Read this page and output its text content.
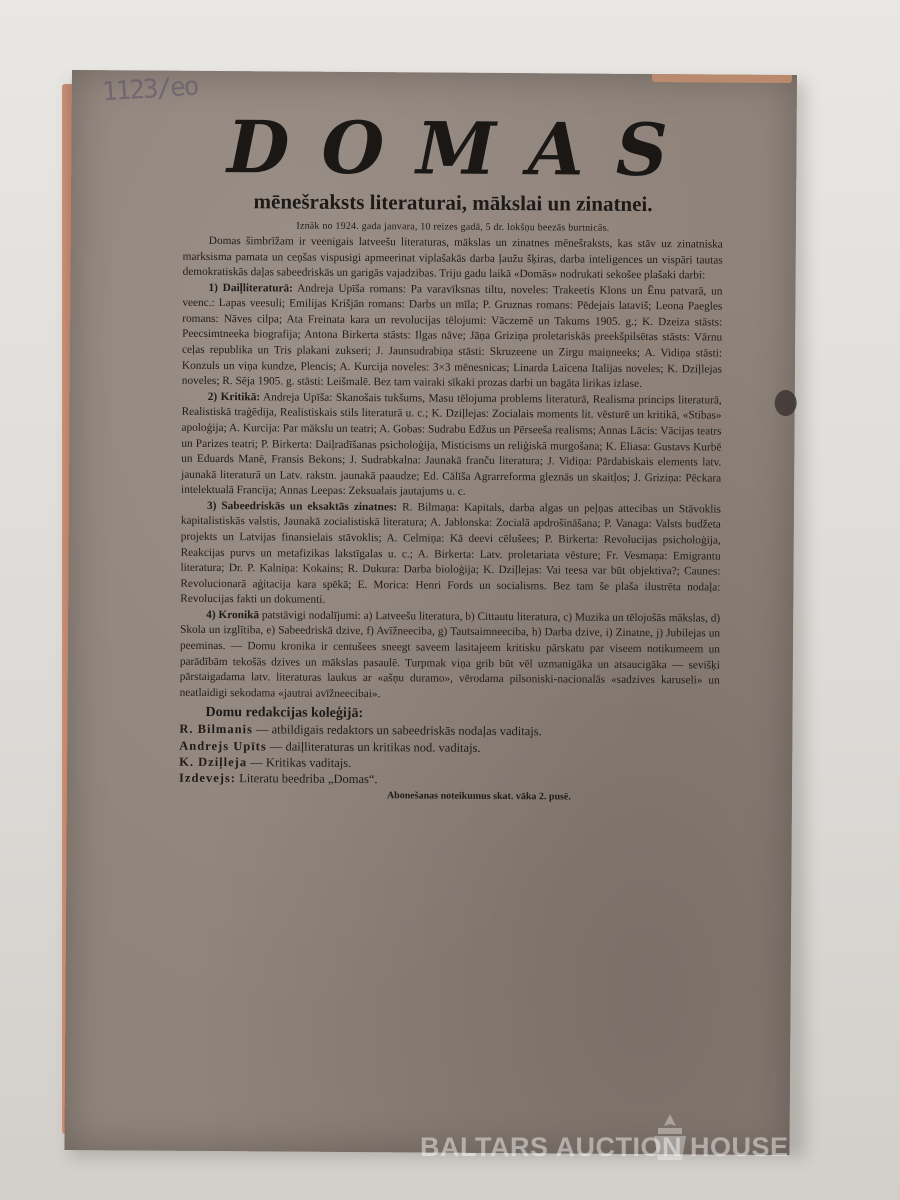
1123/eo
DOMAS
mēnešraksts literaturai, mākslai un zinatnei.
Iznāk no 1924. gada janvara, 10 reizes gadā, 5 dr. lokšņu beezās burtnicās.

Domas šimbrīžam ir veenigais latveešu literaturas, mākslas un zinatnes mēnešraksts, kas stāv uz zinatniska marksisma pamata un ceņšas vispusigi apmeerinat viplašakās darba ļaužu šķiras, darba inteligences un vispāri tautas demokratiskās daļas sabeedriskās un garigās vajadzibas. Triju gadu laikā «Domās» nodrukati sekošee plašaki darbi:

1) Daiļliteraturā: Andreja Upīša romans: Pa varavīksnas tiltu, noveles: Trakeetis Klons un Ēnu patvarā, un veenc.: Lapas veesuli; Emilijas Krišjān romans: Darbs un mīla; P. Gruznas romans: Pēdejais lataviš; Leona Paegles romans: Nāves cilpa; Ata Freinata kara un revolucijas tēlojumi: Vāczemē un Takums 1905. g.; K. Dzeiza stāsts: Peecsimtneeka biografija; Antona Birkerta stāsts: Ilgas nāve; Jāņa Griziņa proletariskās preekšpilsētas stāsts: Vārnu ceļas republika un Tris plakani zukseri; J. Jaunsudrabiņa stāsti: Skruzeene un Zirgu maiņneeks; A. Vidiņa stāsti: Konzuls un viņa kundze, Plencis; A. Kurcija noveles: 3×3 mēnesnicas; Linarda Laicena Italijas noveles; K. Dziļlejas noveles; R. Sēja 1905. g. stāsti: Leišmalē. Bez tam vairaki sīkaki prozas darbi un bagāta lirikas izlase.

2) Kritikā: Andreja Upīša: Skanošais tukšums, Masu tēlojuma problems literaturā, Realisma princips literaturā, Realistiskā traģēdija, Realistiskais stils literaturā u. c.; K. Dziļlejas: Zocialais moments lit. vēsturē un kritikā, «Stibas» apoloģija; A. Kurcija: Par mākslu un teatri; A. Gobas: Sudrabu Edžus un Pērseeša realisms; Annas Lācis: Vācijas teatrs un Parizes teatri; P. Birkerta: Daiļradīšanas psicholoģija, Misticisms un reliģiskā murgošana; K. Eliasa: Gustavs Kurbē un Eduards Manē, Fransis Bekons; J. Sudrabkalna: Jaunakā franču literatura; J. Vidiņa: Pārdabiskais elements latv. jaunakā literaturā un Latv. rakstn. jaunakā paaudze; Ed. Cālīša Agrarreforma gleznās un skaitļos; J. Griziņa: Pēckara intelektualā Francija; Annas Leepas: Zeksualais jautajums u. c.

3) Sabeedriskās un eksaktās zinatnes: R. Bilmaņa: Kapitals, darba algas un peļņas attecibas un Stāvoklis kapitalistiskās valstis, Jaunakā zocialistiskā literatura; A. Jablonska: Zocialā apdrošināšana; P. Vanaga: Valsts budžeta projekts un Latvijas finansielais stāvoklis; A. Celmiņa: Kā deevi cēlušees; P. Birkerta: Revolucijas psicholoģija, Reakcijas purvs un metafizikas lakstīgalas u. c.; A. Birkerta: Latv. proletariata vēsture; Fr. Vesmaņa: Emigrantu literatura; Dr. P. Kalniņa: Kokains; R. Dukura: Darba bioloģija; K. Dziļlejas: Vai teesa var būt objektiva?; Caunes: Revolucionarā aģitacija kara spēkā; E. Morica: Henri Fords un socialisms. Bez tam še plaša ilustrēta nodaļa: Revolucijas fakti un dokumenti.

4) Kronikā patstāvigi nodalījumi: a) Latveešu literatura, b) Cittautu literatura, c) Muzika un tēlojošās mākslas, d) Skola un izglītiba, e) Sabeedriskā dzive, f) Avīžneeciba, g) Tautsaimneeciba, h) Darba dzive, i) Zinatne, j) Jubilejas un peeminas. — Domu kronika ir centušees sneegt saveem lasitajeem kritisku pārskatu par viseem notikumeem un parādībām tekošās dzives un mākslas pasaulē. Turpmak viņa grib būt vēl uzmanigāka un atsaucigāka — sevišķi pārstaigadama latv. literaturas laukus ar «ašņu duramo», vērodama pilsoniski-nacionalās «sadzives karuseli» un neatlaidigi sekodama «jautrai avīžneecibai».

Domu redakcijas koleģijā:

R. Bilmanis — atbildigais redaktors un sabeedriskās nodaļas vaditajs.

Andrejs Upīts — daiļliteraturas un kritikas nod. vaditajs.

K. Dziļleja — Kritikas vaditajs.

Izdevejs: Literatu beedriba „Domas“.

Abonešanas noteikumus skat. vāka 2. pusē.
BALTARS AUCTION HOUSE
